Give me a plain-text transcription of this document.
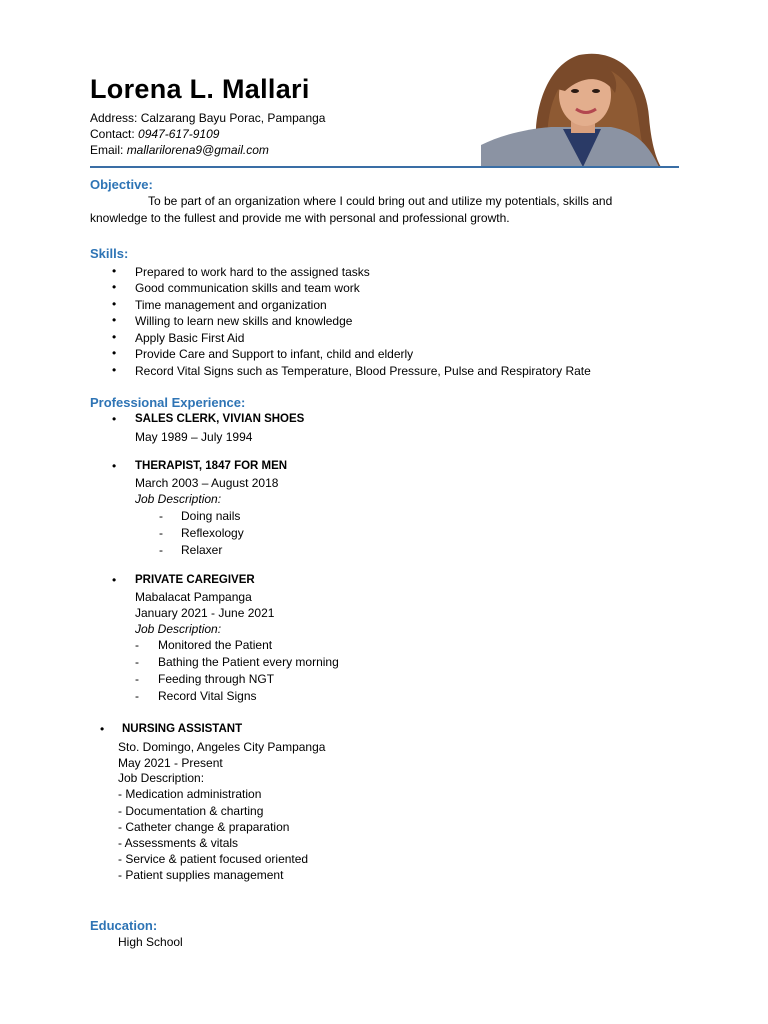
Lorena L. Mallari
Address: Calzarang Bayu Porac, Pampanga
Contact: 0947-617-9109
Email: mallarilorena9@gmail.com
Objective:
To be part of an organization where I could bring out and utilize my potentials, skills and
knowledge to the fullest and provide me with personal and professional growth.
Skills:
• Prepared to work hard to the assigned tasks
• Good communication skills and team work
• Time management and organization
• Willing to learn new skills and knowledge
• Apply Basic First Aid
• Provide Care and Support to infant, child and elderly
• Record Vital Signs such as Temperature, Blood Pressure, Pulse and Respiratory Rate
Professional Experience:
• SALES CLERK, VIVIAN SHOES
May 1989 – July 1994
• THERAPIST, 1847 FOR MEN
March 2003 – August 2018
Job Description:
- Doing nails
- Reflexology
- Relaxer
• PRIVATE CAREGIVER
Mabalacat Pampanga
January 2021 - June 2021
Job Description:
- Monitored the Patient
- Bathing the Patient every morning
- Feeding through NGT
- Record Vital Signs
• NURSING ASSISTANT
Sto. Domingo, Angeles City Pampanga
May 2021 - Present
Job Description:
- Medication administration
- Documentation & charting
- Catheter change & praparation
- Assessments & vitals
- Service & patient focused oriented
- Patient supplies management
Education:
High School
